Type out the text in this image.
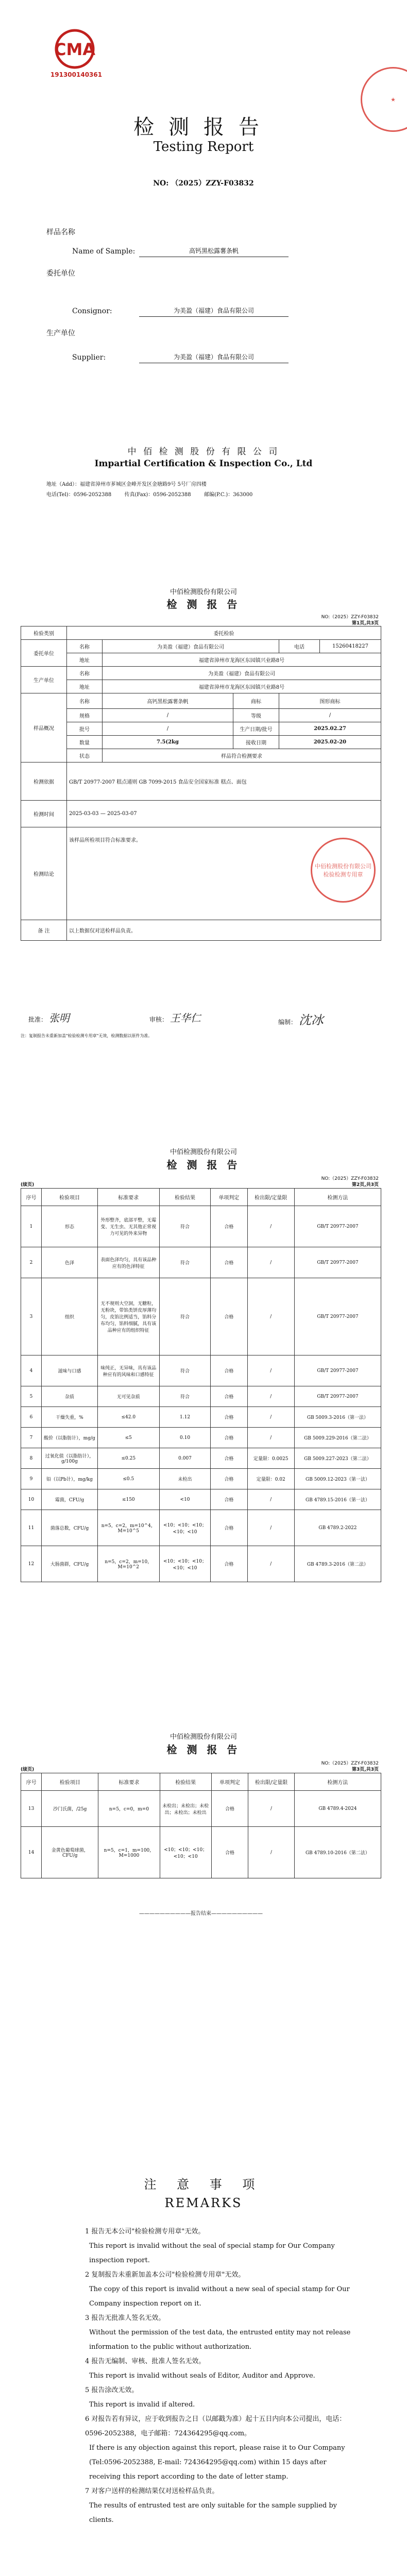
CMA
191300140361
★
检测报告
Testing Report
NO: （2025）ZZY-F03832
样品名称
Name of Sample:	高钙黑松露薯条帆
委托单位
Consignor:	为美盈（福建）食品有限公司
生产单位
Supplier:	为美盈（福建）食品有限公司
中 佰 检 测 股 份 有 限 公 司
Impartial Certification & Inspection Co., Ltd
地址（Add）：福建省漳州市芗城区金峰开发区金塘路9号 5号厂房四楼
电话(Tel)：0596-2052388	传真(Fax)：0596-2052388	邮编(P.C.)：363000
中佰检测股份有限公司
检 测 报 告
NO:（2025）ZZY-F03832
第1页,共3页
检验类别	委托检验				
委托单位	名称	为美盈（福建）食品有限公司		电话	15260418227
	地址	福建省漳州市龙海区东园镇兴业路8号			
生产单位	名称	为美盈（福建）食品有限公司			
	地址	福建省漳州市龙海区东园镇兴业路8号			
样品概况	名称	高钙黑松露薯条帆	商标	图形商标	
	规格	/	等级	/	
	批号	/	生产日期/批号	2025.02.27	
	数量	7.5(2kg	接收日期	2025.02-20	
	状态	样品符合检测要求			
检测依据	GB/T 20977-2007 糕点通则 GB 7099-2015 食品安全国家标准 糕点、面包				
检测时间	2025-03-03 — 2025-03-07				
检测结论	该样品所检项目符合标准要求。
中佰检测股份有限公司 检验检测专用章				

备 注	以上数据仅对送检样品负责。				
批准： 张明	审核： 王华仁	编制： 沈冰
注：复制报告未重新加盖"检验检测专用章"无效，检测数据以原件为准。
中佰检测股份有限公司
检 测 报 告
NO:（2025）ZZY-F03832
第2页,共3页
(续页)
序号	检验项目	标准要求	检验结果	单项判定	检出限/定量限	检测方法
1	形态	外形整齐，底部平整，无霉变、无生虫、无其他正常视力可见的外来异物	符合	合格	/	GB/T 20977-2007
2	色泽	表面色泽均匀，具有该品种应有的色泽特征	符合	合格	/	GB/T 20977-2007
3	组织	无不规则大空洞，无糖粒，无粉块，带馅类饼皮厚薄均匀，皮馅比例适当，馅料分布均匀，馅料细腻，具有该品种应有的组织特征	符合	合格	/	GB/T 20977-2007
4	滋味与口感	味纯正，无异味，具有该品种应有的风味和口感特征	符合	合格	/	GB/T 20977-2007
5	杂质	无可见杂质	符合	合格	/	GB/T 20977-2007
6	干燥失重，%	≤42.0	1.12	合格	/	GB 5009.3-2016（第一法）
7	酸价（以脂肪计），mg/g	≤5	0.10	合格	/	GB 5009.229-2016（第二法）
8	过氧化值（以脂肪计），g/100g	≤0.25	0.007	合格	定量限：0.0025	GB 5009.227-2023（第二法）
9	铅（以Pb计），mg/kg	≤0.5	未检出	合格	定量限：0.02	GB 5009.12-2023（第一法）
10	霉菌，CFU/g	≤150	<10	合格	/	GB 4789.15-2016（第一法）
11	菌落总数，CFU/g	n=5，c=2，m=10^4，M=10^5	<10；<10；<10；<10；<10	合格	/	GB 4789.2-2022
12	大肠菌群，CFU/g	n=5，c=2，m=10，M=10^2	<10；<10；<10；<10；<10	合格	/	GB 4789.3-2016（第二法）
中佰检测股份有限公司
检 测 报 告
NO:（2025）ZZY-F03832
第3页,共3页
(续页)
序号	检验项目	标准要求	检验结果	单项判定	检出限/定量限	检测方法
13	沙门氏菌，/25g	n=5，c=0，m=0	未检出；未检出；未检出；未检出；未检出	合格	/	GB 4789.4-2024
14	金黄色葡萄球菌，CFU/g	n=5，c=1，m=100，M=1000	<10；<10；<10；<10；<10	合格	/	GB 4789.10-2016（第二法）
——————————报告结束——————————
注 意 事 项
REMARKS

1 报告无本公司"检验检测专用章"无效。

This report is invalid without the seal of special stamp for Our Company inspection report.

2 复制报告未重新加盖本公司"检验检测专用章"无效。

The copy of this report is invalid without a new seal of special stamp for Our Company inspection report on it.

3 报告无批准人签名无效。

Without the permission of the test data, the entrusted entity may not release information to the public without authorization.

4 报告无编制、审核、批准人签名无效。

This report is invalid without seals of Editor, Auditor and Approve.

5 报告涂改无效。

This report is invalid if altered.

6 对报告若有异议，应于收到报告之日（以邮戳为准）起十五日内向本公司提出，电话：0596-2052388，电子邮箱：724364295@qq.com。

If there is any objection against this report, please raise it to Our Company (Tel:0596-2052388, E-mail: 724364295@qq.com) within 15 days after receiving this report according to the date of letter stamp.

7 对客户送样的检测结果仅对送检样品负责。

The results of entrusted test are only suitable for the sample supplied by clients.
